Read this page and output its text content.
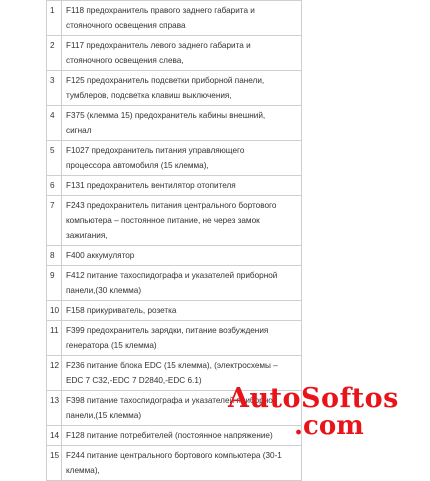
1	F118 предохранитель правого заднего габарита и
стояночного освещения справа
2	F117 предохранитель левого заднего габарита и
стояночного освещения слева,
3	F125 предохранитель подсветки приборной панели,
тумблеров, подсветка клавиш выключения,
4	F375 (клемма 15) предохранитель кабины внешний,
сигнал
5	F1027 предохранитель питания управляющего
процессора автомобиля (15 клемма),
6	F131 предохранитель вентилятор отопителя
7	F243 предохранитель питания центрального бортового
компьютера – постоянное питание, не через замок
зажигания,
8	F400 аккумулятор
9	F412 питание тахоспидографа и указателей приборной
панели,(30 клемма)
10	F158 прикуриватель, розетка
11	F399 предохранитель зарядки, питание возбуждения
генератора (15 клемма)
12	F236 питание блока EDC (15 клемма), (электросхемы –
EDC 7 C32,-EDC 7 D2840,-EDC 6.1)
13	F398 питание тахоспидографа и указателей приборной
панели,(15 клемма)
14	F128 питание потребителей (постоянное напряжение)
15	F244 питание центрального бортового компьютера (30-1
клемма),
AutoSoftos
.com
